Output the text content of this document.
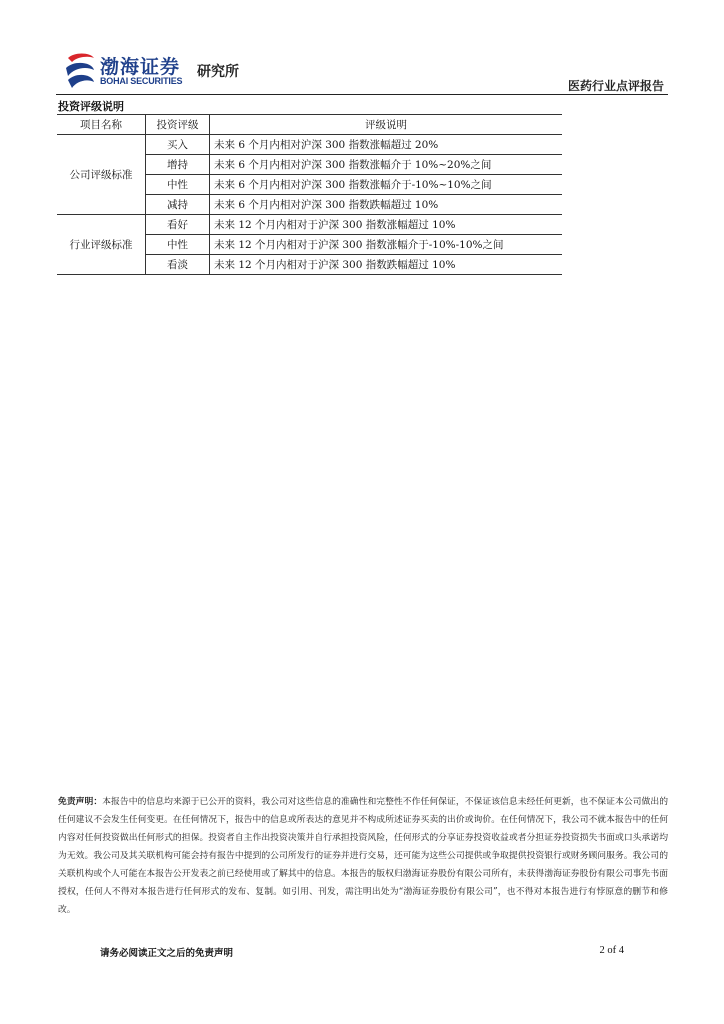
渤海证券
BOHAI SECURITIES
研究所
医药行业点评报告
投资评级说明
项目名称	投资评级	评级说明
公司评级标准	买入	未来 6 个月内相对沪深 300 指数涨幅超过 20%
	增持	未来 6 个月内相对沪深 300 指数涨幅介于 10%~20%之间
	中性	未来 6 个月内相对沪深 300 指数涨幅介于-10%~10%之间
	减持	未来 6 个月内相对沪深 300 指数跌幅超过 10%
行业评级标准	看好	未来 12 个月内相对于沪深 300 指数涨幅超过 10%
	中性	未来 12 个月内相对于沪深 300 指数涨幅介于-10%-10%之间
	看淡	未来 12 个月内相对于沪深 300 指数跌幅超过 10%
免责声明：本报告中的信息均来源于已公开的资料，我公司对这些信息的准确性和完整性不作任何保证，不保证该信息未经任何更新，也不保证本公司做出的任何建议不会发生任何变更。在任何情况下，报告中的信息或所表达的意见并不构成所述证券买卖的出价或询价。在任何情况下，我公司不就本报告中的任何内容对任何投资做出任何形式的担保。投资者自主作出投资决策并自行承担投资风险，任何形式的分享证券投资收益或者分担证券投资损失书面或口头承诺均为无效。我公司及其关联机构可能会持有报告中提到的公司所发行的证券并进行交易，还可能为这些公司提供或争取提供投资银行或财务顾问服务。我公司的关联机构或个人可能在本报告公开发表之前已经使用或了解其中的信息。本报告的版权归渤海证券股份有限公司所有，未获得渤海证券股份有限公司事先书面授权，任何人不得对本报告进行任何形式的发布、复制。如引用、刊发，需注明出处为“渤海证券股份有限公司”，也不得对本报告进行有悖原意的删节和修改。
请务必阅读正文之后的免责声明	2 of 4
